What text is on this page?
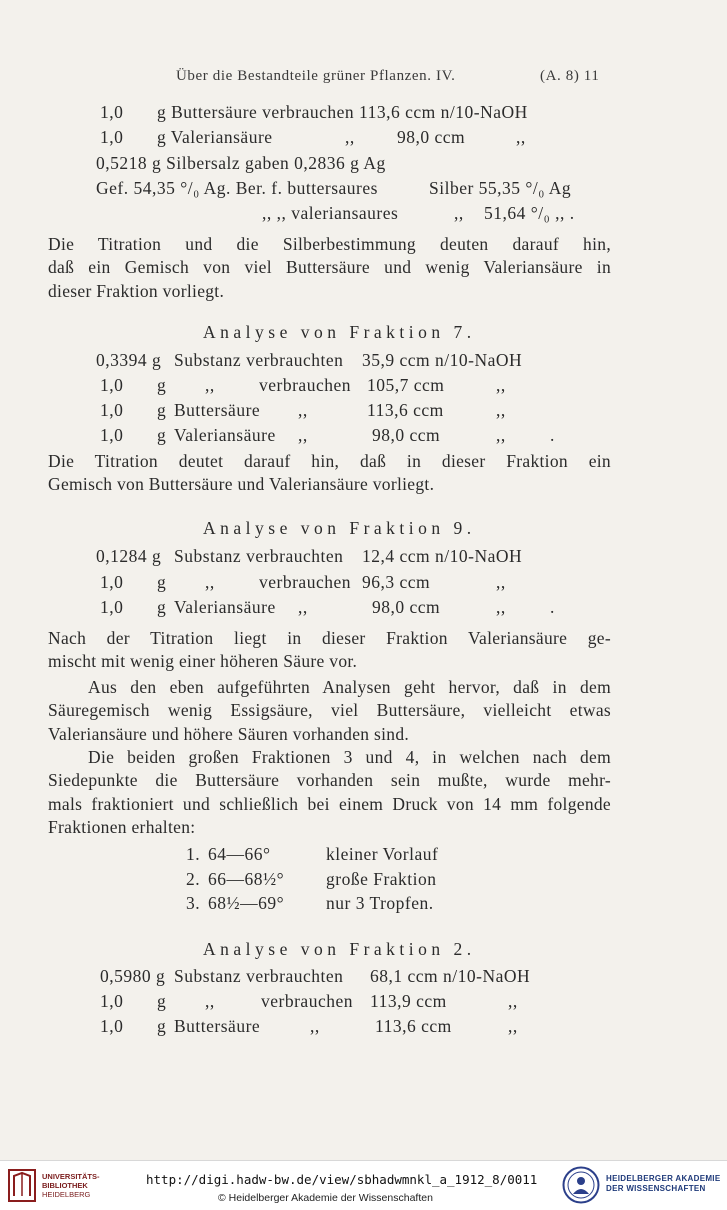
Über die Bestandteile grüner Pflanzen. IV.	(A. 8) 11
1,0 g Buttersäure verbrauchen 113,6 ccm n/10-NaOH
1,0 g Valeriansäure	,, 98,0 ccm	,,
0,5218 g Silbersalz gaben 0,2836 g Ag
Gef. 54,35 °/₀ Ag. Ber. f. buttersaures	Silber 55,35 °/₀ Ag
,, ,, valeriansaures	,, 51,64 °/₀ ,, .
Die Titration und die Silberbestimmung deuten darauf hin,
daß ein Gemisch von viel Buttersäure und wenig Valeriansäure in
dieser Fraktion vorliegt.
Analyse von Fraktion 7.
0,3394 g Substanz verbrauchten 35,9 ccm n/10-NaOH
1,0 g ,,	verbrauchen 105,7 ccm	,,
1,0 g Buttersäure ,,	113,6 ccm	,,
1,0 g Valeriansäure ,,	98,0 ccm	,,	.
Die Titration deutet darauf hin, daß in dieser Fraktion ein
Gemisch von Buttersäure und Valeriansäure vorliegt.
Analyse von Fraktion 9.
0,1284 g Substanz verbrauchten 12,4 ccm n/10-NaOH
1,0 g ,,	verbrauchen 96,3 ccm	,,
1,0 g Valeriansäure ,,	98,0 ccm	,,	.
Nach der Titration liegt in dieser Fraktion Valeriansäure ge-
mischt mit wenig einer höheren Säure vor.
Aus den eben aufgeführten Analysen geht hervor, daß in dem
Säuregemisch wenig Essigsäure, viel Buttersäure, vielleicht etwas
Valeriansäure und höhere Säuren vorhanden sind.
Die beiden großen Fraktionen 3 und 4, in welchen nach dem
Siedepunkte die Buttersäure vorhanden sein mußte, wurde mehr-
mals fraktioniert und schließlich bei einem Druck von 14 mm folgende
Fraktionen erhalten:
1. 64—66°	kleiner Vorlauf
2. 66—68½° große Fraktion
3. 68½—69° nur 3 Tropfen.
Analyse von Fraktion 2.
0,5980 g Substanz verbrauchten 68,1 ccm n/10-NaOH
1,0 g ,,	verbrauchen 113,9 ccm	,,
1,0 g Buttersäure	,,	113,6 ccm	,,
UNIVERSITÄTS-
BIBLIOTHEK
HEIDELBERG
http://digi.hadw-bw.de/view/sbhadwmnkl_a_1912_8/0011
© Heidelberger Akademie der Wissenschaften
HEIDELBERGER AKADEMIE
DER WISSENSCHAFTEN
